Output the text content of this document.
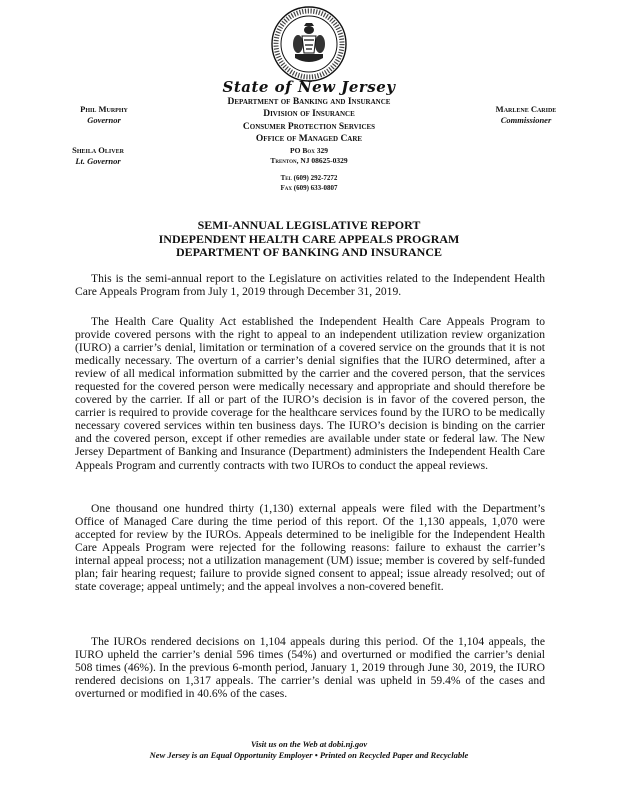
State of New Jersey
Department of Banking and Insurance
Division of Insurance
Consumer Protection Services
Office of Managed Care
PO Box 329
Trenton, NJ 08625-0329
Tel (609) 292-7272
Fax (609) 633-0807
Phil Murphy
Governor
Sheila Oliver
Lt. Governor
Marlene Caride
Commissioner
SEMI-ANNUAL LEGISLATIVE REPORT
INDEPENDENT HEALTH CARE APPEALS PROGRAM
DEPARTMENT OF BANKING AND INSURANCE

This is the semi-annual report to the Legislature on activities related to the Independent Health Care Appeals Program from July 1, 2019 through December 31, 2019.

The Health Care Quality Act established the Independent Health Care Appeals Program to provide covered persons with the right to appeal to an independent utilization review organization (IURO) a carrier’s denial, limitation or termination of a covered service on the grounds that it is not medically necessary. The overturn of a carrier’s denial signifies that the IURO determined, after a review of all medical information submitted by the carrier and the covered person, that the services requested for the covered person were medically necessary and appropriate and should therefore be covered by the carrier. If all or part of the IURO’s decision is in favor of the covered person, the carrier is required to provide coverage for the healthcare services found by the IURO to be medically necessary covered services within ten business days. The IURO’s decision is binding on the carrier and the covered person, except if other remedies are available under state or federal law. The New Jersey Department of Banking and Insurance (Department) administers the Independent Health Care Appeals Program and currently contracts with two IUROs to conduct the appeal reviews.

One thousand one hundred thirty (1,130) external appeals were filed with the Department’s Office of Managed Care during the time period of this report. Of the 1,130 appeals, 1,070 were accepted for review by the IUROs. Appeals determined to be ineligible for the Independent Health Care Appeals Program were rejected for the following reasons: failure to exhaust the carrier’s internal appeal process; not a utilization management (UM) issue; member is covered by self-funded plan; fair hearing request; failure to provide signed consent to appeal; issue already resolved; out of state coverage; appeal untimely; and the appeal involves a non-covered benefit.

The IUROs rendered decisions on 1,104 appeals during this period. Of the 1,104 appeals, the IURO upheld the carrier’s denial 596 times (54%) and overturned or modified the carrier’s denial 508 times (46%). In the previous 6-month period, January 1, 2019 through June 30, 2019, the IURO rendered decisions on 1,317 appeals. The carrier’s denial was upheld in 59.4% of the cases and overturned or modified in 40.6% of the cases.

Visit us on the Web at dobi.nj.gov
New Jersey is an Equal Opportunity Employer • Printed on Recycled Paper and Recyclable
